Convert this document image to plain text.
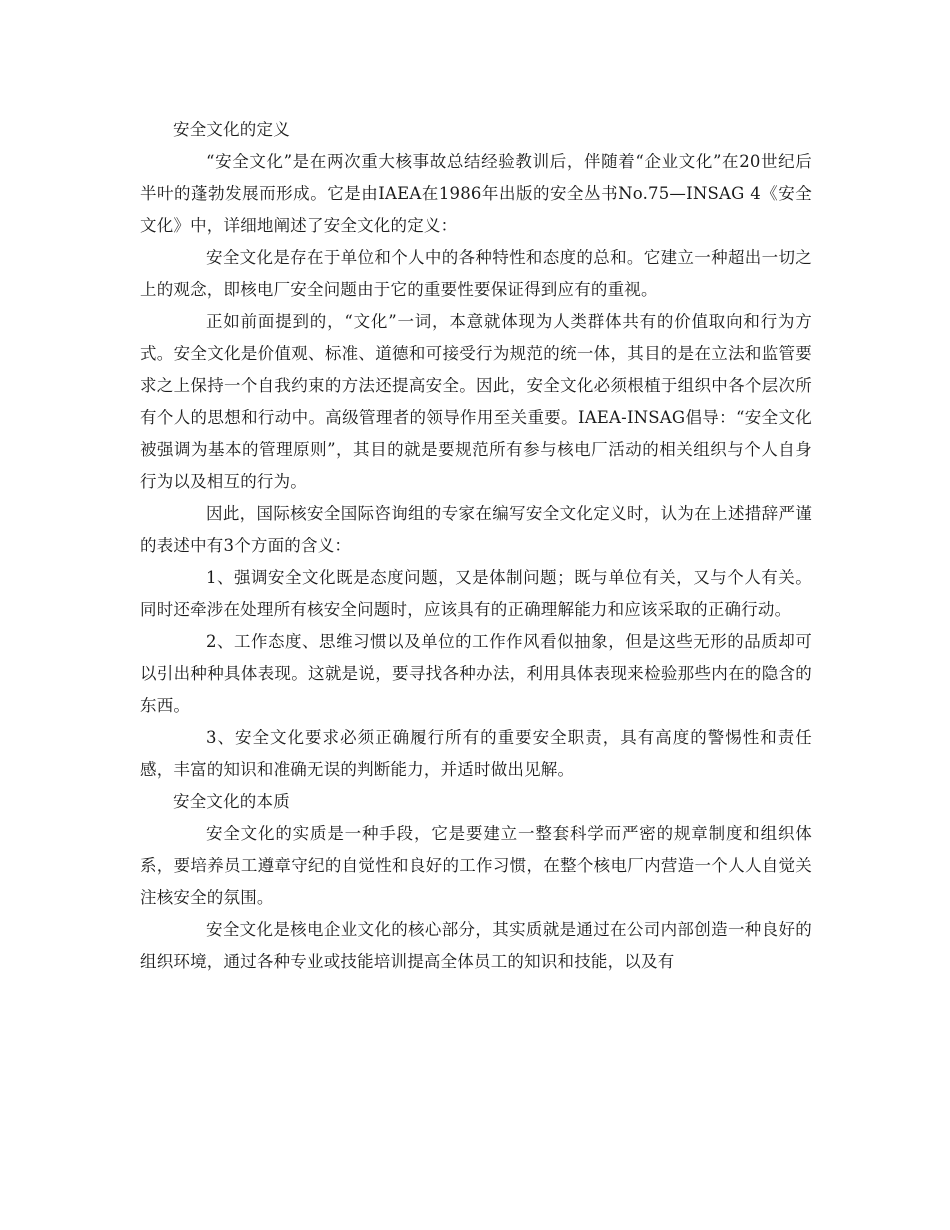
安全文化的定义

“安全文化”是在两次重大核事故总结经验教训后，伴随着“企业文化”在20世纪后半叶的蓬勃发展而形成。它是由IAEA在1986年出版的安全丛书No.75—INSAG 4《安全文化》中，详细地阐述了安全文化的定义：

安全文化是存在于单位和个人中的各种特性和态度的总和。它建立一种超出一切之上的观念，即核电厂安全问题由于它的重要性要保证得到应有的重视。

正如前面提到的，“文化”一词，本意就体现为人类群体共有的价值取向和行为方式。安全文化是价值观、标准、道德和可接受行为规范的统一体，其目的是在立法和监管要求之上保持一个自我约束的方法还提高安全。因此，安全文化必须根植于组织中各个层次所有个人的思想和行动中。高级管理者的领导作用至关重要。IAEA-INSAG倡导：“安全文化被强调为基本的管理原则”，其目的就是要规范所有参与核电厂活动的相关组织与个人自身行为以及相互的行为。

因此，国际核安全国际咨询组的专家在编写安全文化定义时，认为在上述措辞严谨的表述中有3个方面的含义：

1、强调安全文化既是态度问题，又是体制问题；既与单位有关，又与个人有关。同时还牵涉在处理所有核安全问题时，应该具有的正确理解能力和应该采取的正确行动。

2、工作态度、思维习惯以及单位的工作作风看似抽象，但是这些无形的品质却可以引出种种具体表现。这就是说，要寻找各种办法，利用具体表现来检验那些内在的隐含的东西。

3、安全文化要求必须正确履行所有的重要安全职责，具有高度的警惕性和责任感，丰富的知识和准确无误的判断能力，并适时做出见解。

安全文化的本质

安全文化的实质是一种手段，它是要建立一整套科学而严密的规章制度和组织体系，要培养员工遵章守纪的自觉性和良好的工作习惯，在整个核电厂内营造一个人人自觉关注核安全的氛围。

安全文化是核电企业文化的核心部分，其实质就是通过在公司内部创造一种良好的组织环境，通过各种专业或技能培训提高全体员工的知识和技能，以及有
